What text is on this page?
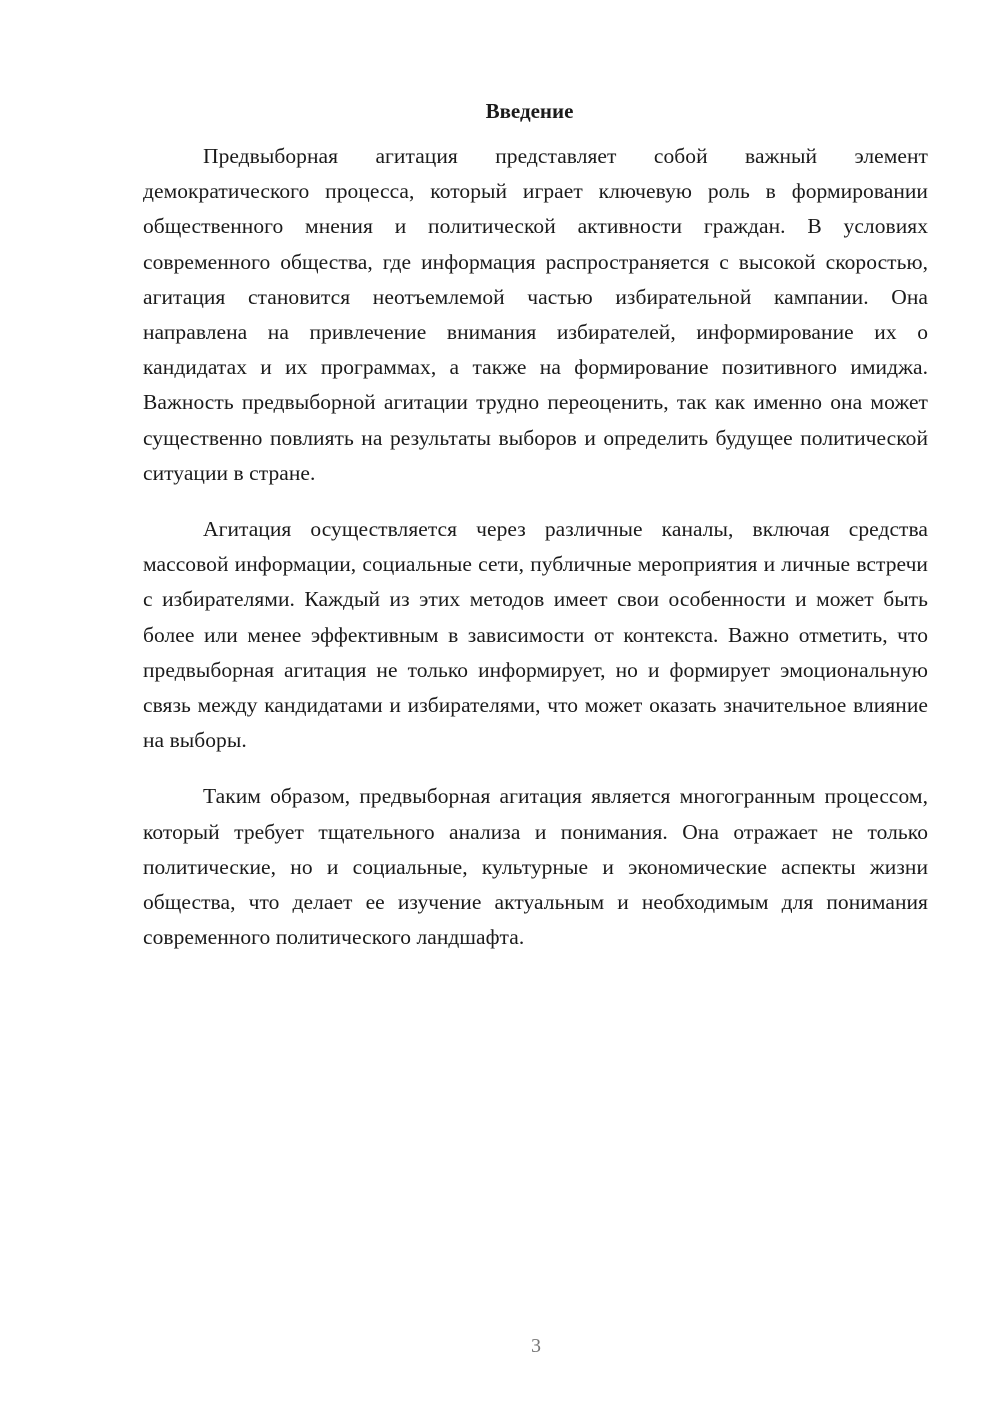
Введение

Предвыборная агитация представляет собой важный элемент демократического процесса, который играет ключевую роль в формировании общественного мнения и политической активности граждан. В условиях современного общества, где информация распространяется с высокой скоростью, агитация становится неотъемлемой частью избирательной кампании. Она направлена на привлечение внимания избирателей, информирование их о кандидатах и их программах, а также на формирование позитивного имиджа. Важность предвыборной агитации трудно переоценить, так как именно она может существенно повлиять на результаты выборов и определить будущее политической ситуации в стране.

Агитация осуществляется через различные каналы, включая средства массовой информации, социальные сети, публичные мероприятия и личные встречи с избирателями. Каждый из этих методов имеет свои особенности и может быть более или менее эффективным в зависимости от контекста. Важно отметить, что предвыборная агитация не только информирует, но и формирует эмоциональную связь между кандидатами и избирателями, что может оказать значительное влияние на выборы.

Таким образом, предвыборная агитация является многогранным процессом, который требует тщательного анализа и понимания. Она отражает не только политические, но и социальные, культурные и экономические аспекты жизни общества, что делает ее изучение актуальным и необходимым для понимания современного политического ландшафта.

3
